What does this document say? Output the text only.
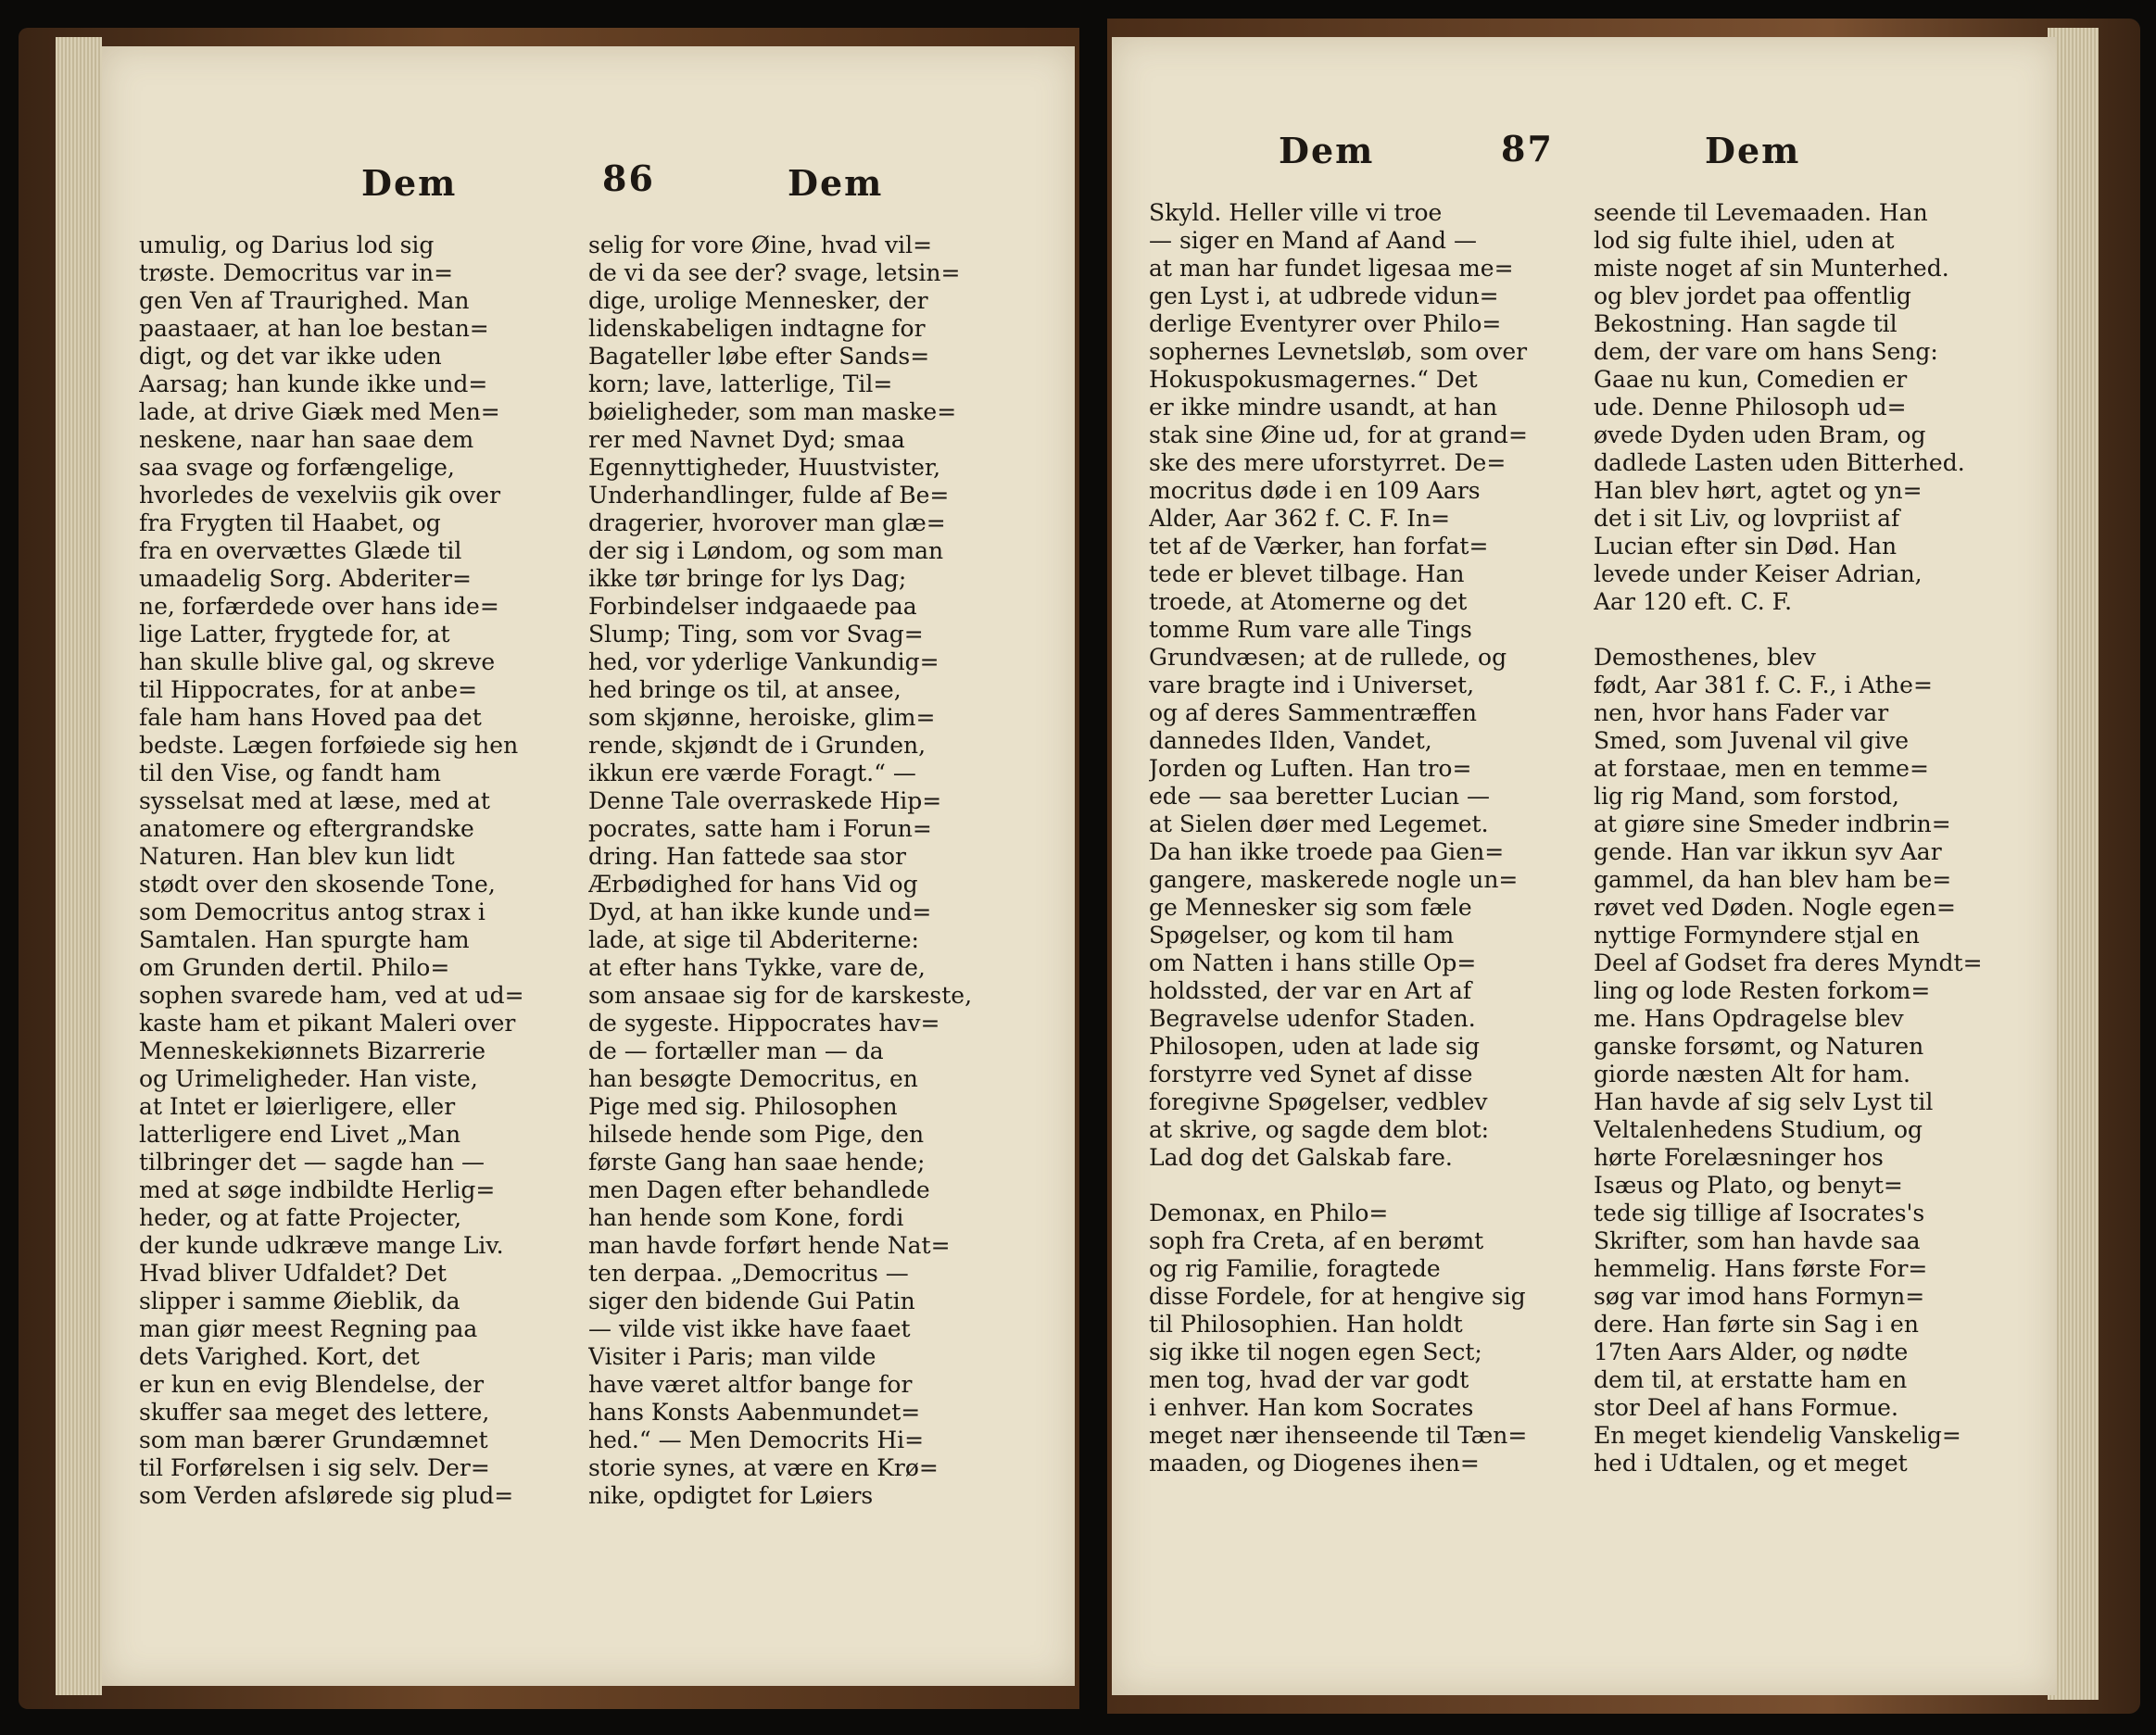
Dem	86	Dem
umulig, og Darius lod sig
trøste. Democritus var in=
gen Ven af Traurighed. Man
paastaaer, at han loe bestan=
digt, og det var ikke uden
Aarsag; han kunde ikke und=
lade, at drive Giæk med Men=
neskene, naar han saae dem
saa svage og forfængelige,
hvorledes de vexelviis gik over
fra Frygten til Haabet, og
fra en overvættes Glæde til
umaadelig Sorg. Abderiter=
ne, forfærdede over hans ide=
lige Latter, frygtede for, at
han skulle blive gal, og skreve
til Hippocrates, for at anbe=
fale ham hans Hoved paa det
bedste. Lægen forføiede sig hen
til den Vise, og fandt ham
sysselsat med at læse, med at
anatomere og eftergrandske
Naturen. Han blev kun lidt
stødt over den skosende Tone,
som Democritus antog strax i
Samtalen. Han spurgte ham
om Grunden dertil. Philo=
sophen svarede ham, ved at ud=
kaste ham et pikant Maleri over
Menneskekiønnets Bizarrerie
og Urimeligheder. Han viste,
at Intet er løierligere, eller
latterligere end Livet „Man
tilbringer det — sagde han —
med at søge indbildte Herlig=
heder, og at fatte Projecter,
der kunde udkræve mange Liv.
Hvad bliver Udfaldet? Det
slipper i samme Øieblik, da
man giør meest Regning paa
dets Varighed. Kort, det
er kun en evig Blendelse, der
skuffer saa meget des lettere,
som man bærer Grundæmnet
til Forførelsen i sig selv. Der=
som Verden afslørede sig plud=
selig for vore Øine, hvad vil=
de vi da see der? svage, letsin=
dige, urolige Mennesker, der
lidenskabeligen indtagne for
Bagateller løbe efter Sands=
korn; lave, latterlige, Til=
bøieligheder, som man maske=
rer med Navnet Dyd; smaa
Egennyttigheder, Huustvister,
Underhandlinger, fulde af Be=
dragerier, hvorover man glæ=
der sig i Løndom, og som man
ikke tør bringe for lys Dag;
Forbindelser indgaaede paa
Slump; Ting, som vor Svag=
hed, vor yderlige Vankundig=
hed bringe os til, at ansee,
som skjønne, heroiske, glim=
rende, skjøndt de i Grunden,
ikkun ere værde Foragt.“ —
Denne Tale overraskede Hip=
pocrates, satte ham i Forun=
dring. Han fattede saa stor
Ærbødighed for hans Vid og
Dyd, at han ikke kunde und=
lade, at sige til Abderiterne:
at efter hans Tykke, vare de,
som ansaae sig for de karskeste,
de sygeste. Hippocrates hav=
de — fortæller man — da
han besøgte Democritus, en
Pige med sig. Philosophen
hilsede hende som Pige, den
første Gang han saae hende;
men Dagen efter behandlede
han hende som Kone, fordi
man havde forført hende Nat=
ten derpaa. „Democritus —
siger den bidende Gui Patin
— vilde vist ikke have faaet
Visiter i Paris; man vilde
have været altfor bange for
hans Konsts Aabenmundet=
hed.“ — Men Democrits Hi=
storie synes, at være en Krø=
nike, opdigtet for Løiers
Dem	87	Dem
Skyld. Heller ville vi troe
— siger en Mand af Aand —
at man har fundet ligesaa me=
gen Lyst i, at udbrede vidun=
derlige Eventyrer over Philo=
sophernes Levnetsløb, som over
Hokuspokusmagernes.“ Det
er ikke mindre usandt, at han
stak sine Øine ud, for at grand=
ske des mere uforstyrret. De=
mocritus døde i en 109 Aars
Alder, Aar 362 f. C. F. In=
tet af de Værker, han forfat=
tede er blevet tilbage. Han
troede, at Atomerne og det
tomme Rum vare alle Tings
Grundvæsen; at de rullede, og
vare bragte ind i Universet,
og af deres Sammentræffen
dannedes Ilden, Vandet,
Jorden og Luften. Han tro=
ede — saa beretter Lucian —
at Sielen døer med Legemet.
Da han ikke troede paa Gien=
gangere, maskerede nogle un=
ge Mennesker sig som fæle
Spøgelser, og kom til ham
om Natten i hans stille Op=
holdssted, der var en Art af
Begravelse udenfor Staden.
Philosopen, uden at lade sig
forstyrre ved Synet af disse
foregivne Spøgelser, vedblev
at skrive, og sagde dem blot:
Lad dog det Galskab fare.
Demonax, en Philo=
soph fra Creta, af en berømt
og rig Familie, foragtede
disse Fordele, for at hengive sig
til Philosophien. Han holdt
sig ikke til nogen egen Sect;
men tog, hvad der var godt
i enhver. Han kom Socrates
meget nær ihenseende til Tæn=
maaden, og Diogenes ihen=
seende til Levemaaden. Han
lod sig fulte ihiel, uden at
miste noget af sin Munterhed.
og blev jordet paa offentlig
Bekostning. Han sagde til
dem, der vare om hans Seng:
Gaae nu kun, Comedien er
ude. Denne Philosoph ud=
øvede Dyden uden Bram, og
dadlede Lasten uden Bitterhed.
Han blev hørt, agtet og yn=
det i sit Liv, og lovpriist af
Lucian efter sin Død. Han
levede under Keiser Adrian,
Aar 120 eft. C. F.
Demosthenes, blev
født, Aar 381 f. C. F., i Athe=
nen, hvor hans Fader var
Smed, som Juvenal vil give
at forstaae, men en temme=
lig rig Mand, som forstod,
at giøre sine Smeder indbrin=
gende. Han var ikkun syv Aar
gammel, da han blev ham be=
røvet ved Døden. Nogle egen=
nyttige Formyndere stjal en
Deel af Godset fra deres Myndt=
ling og lode Resten forkom=
me. Hans Opdragelse blev
ganske forsømt, og Naturen
giorde næsten Alt for ham.
Han havde af sig selv Lyst til
Veltalenhedens Studium, og
hørte Forelæsninger hos
Isæus og Plato, og benyt=
tede sig tillige af Isocrates's
Skrifter, som han havde saa
hemmelig. Hans første For=
søg var imod hans Formyn=
dere. Han førte sin Sag i en
17ten Aars Alder, og nødte
dem til, at erstatte ham en
stor Deel af hans Formue.
En meget kiendelig Vanskelig=
hed i Udtalen, og et meget
